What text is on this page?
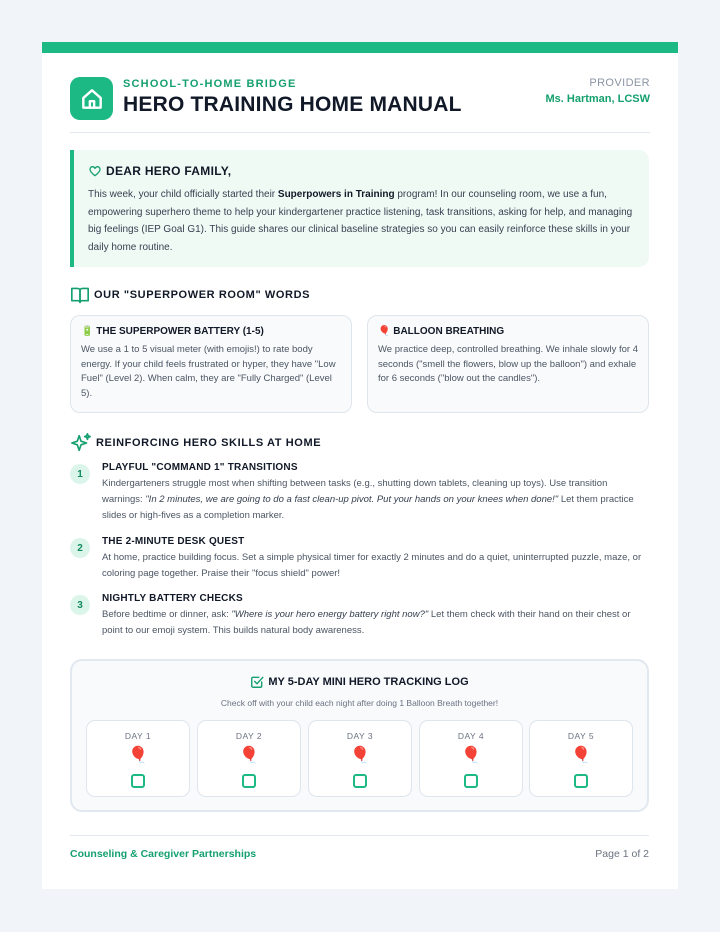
SCHOOL-TO-HOME BRIDGE
HERO TRAINING HOME MANUAL
PROVIDER
Ms. Hartman, LCSW
DEAR HERO FAMILY,

This week, your child officially started their Superpowers in Training program! In our counseling room, we use a fun, empowering superhero theme to help your kindergartener practice listening, task transitions, asking for help, and managing big feelings (IEP Goal G1). This guide shares our clinical baseline strategies so you can easily reinforce these skills in your daily home routine.

OUR "SUPERPOWER ROOM" WORDS
🔋 THE SUPERPOWER BATTERY (1-5)

We use a 1 to 5 visual meter (with emojis!) to rate body energy. If your child feels frustrated or hyper, they have "Low Fuel" (Level 2). When calm, they are "Fully Charged" (Level 5).

🎈 BALLOON BREATHING

We practice deep, controlled breathing. We inhale slowly for 4 seconds ("smell the flowers, blow up the balloon") and exhale for 6 seconds ("blow out the candles").

REINFORCING HERO SKILLS AT HOME
1
PLAYFUL "COMMAND 1" TRANSITIONS

Kindergarteners struggle most when shifting between tasks (e.g., shutting down tablets, cleaning up toys). Use transition warnings: "In 2 minutes, we are going to do a fast clean-up pivot. Put your hands on your knees when done!" Let them practice slides or high-fives as a completion marker.

2
THE 2-MINUTE DESK QUEST

At home, practice building focus. Set a simple physical timer for exactly 2 minutes and do a quiet, uninterrupted puzzle, maze, or coloring page together. Praise their "focus shield" power!

3
NIGHTLY BATTERY CHECKS

Before bedtime or dinner, ask: "Where is your hero energy battery right now?" Let them check with their hand on their chest or point to our emoji system. This builds natural body awareness.

MY 5-DAY MINI HERO TRACKING LOG
Check off with your child each night after doing 1 Balloon Breath together!
DAY 1
🎈
DAY 2
🎈
DAY 3
🎈
DAY 4
🎈
DAY 5
🎈
Counseling & Caregiver Partnerships	Page 1 of 2
